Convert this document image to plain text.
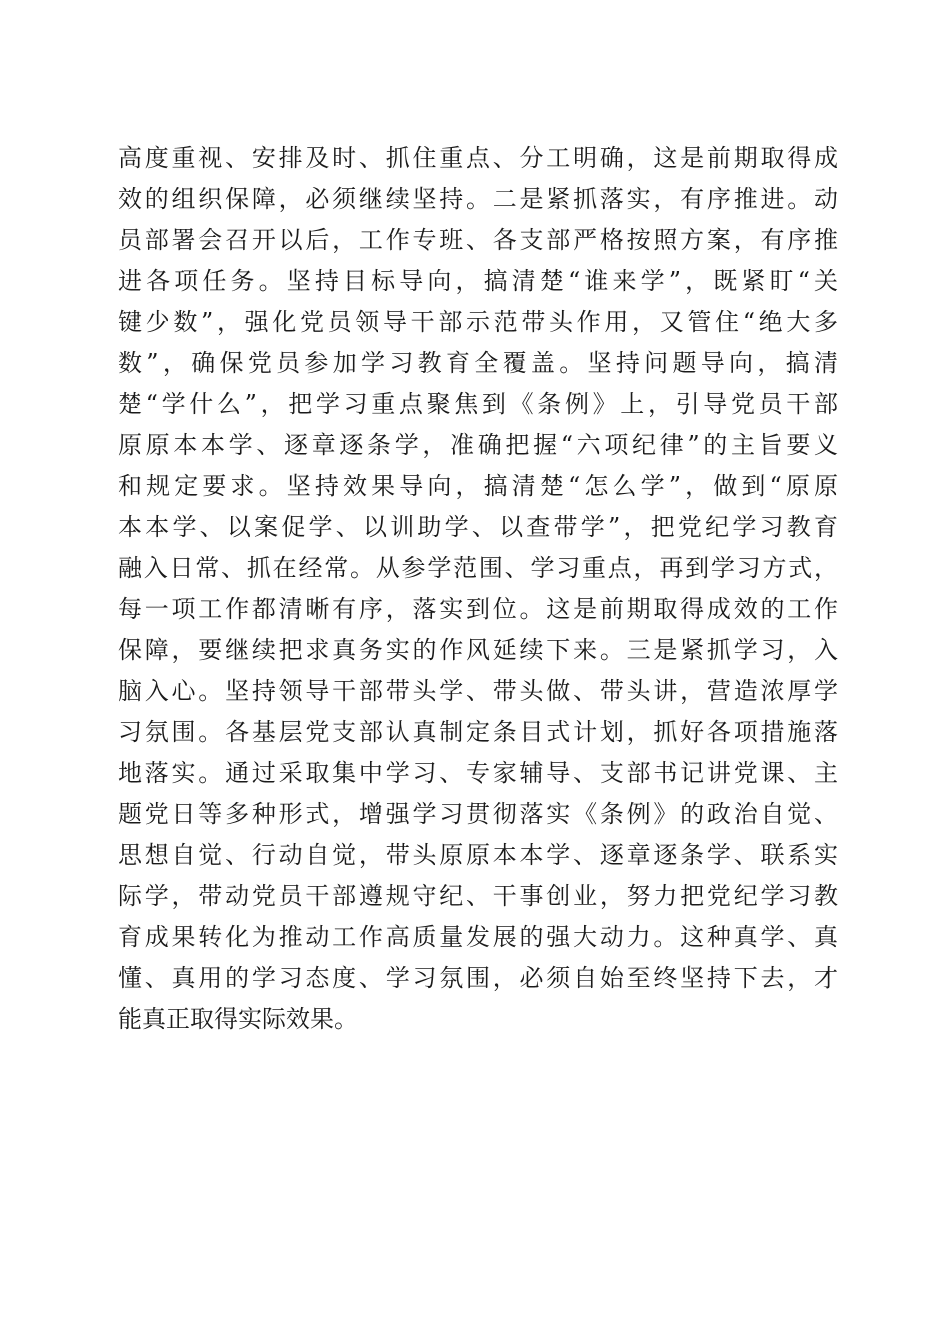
高度重视、安排及时、抓住重点、分工明确，这是前期取得成
效的组织保障，必须继续坚持。二是紧抓落实，有序推进。动
员部署会召开以后，工作专班、各支部严格按照方案，有序推
进各项任务。坚持目标导向，搞清楚“谁来学”，既紧盯“关
键少数”，强化党员领导干部示范带头作用，又管住“绝大多
数”，确保党员参加学习教育全覆盖。坚持问题导向，搞清
楚“学什么”，把学习重点聚焦到《条例》上，引导党员干部
原原本本学、逐章逐条学，准确把握“六项纪律”的主旨要义
和规定要求。坚持效果导向，搞清楚“怎么学”，做到“原原
本本学、以案促学、以训助学、以查带学”，把党纪学习教育
融入日常、抓在经常。从参学范围、学习重点，再到学习方式，
每一项工作都清晰有序，落实到位。这是前期取得成效的工作
保障，要继续把求真务实的作风延续下来。三是紧抓学习，入
脑入心。坚持领导干部带头学、带头做、带头讲，营造浓厚学
习氛围。各基层党支部认真制定条目式计划，抓好各项措施落
地落实。通过采取集中学习、专家辅导、支部书记讲党课、主
题党日等多种形式，增强学习贯彻落实《条例》的政治自觉、
思想自觉、行动自觉，带头原原本本学、逐章逐条学、联系实
际学，带动党员干部遵规守纪、干事创业，努力把党纪学习教
育成果转化为推动工作高质量发展的强大动力。这种真学、真
懂、真用的学习态度、学习氛围，必须自始至终坚持下去，才
能真正取得实际效果。
